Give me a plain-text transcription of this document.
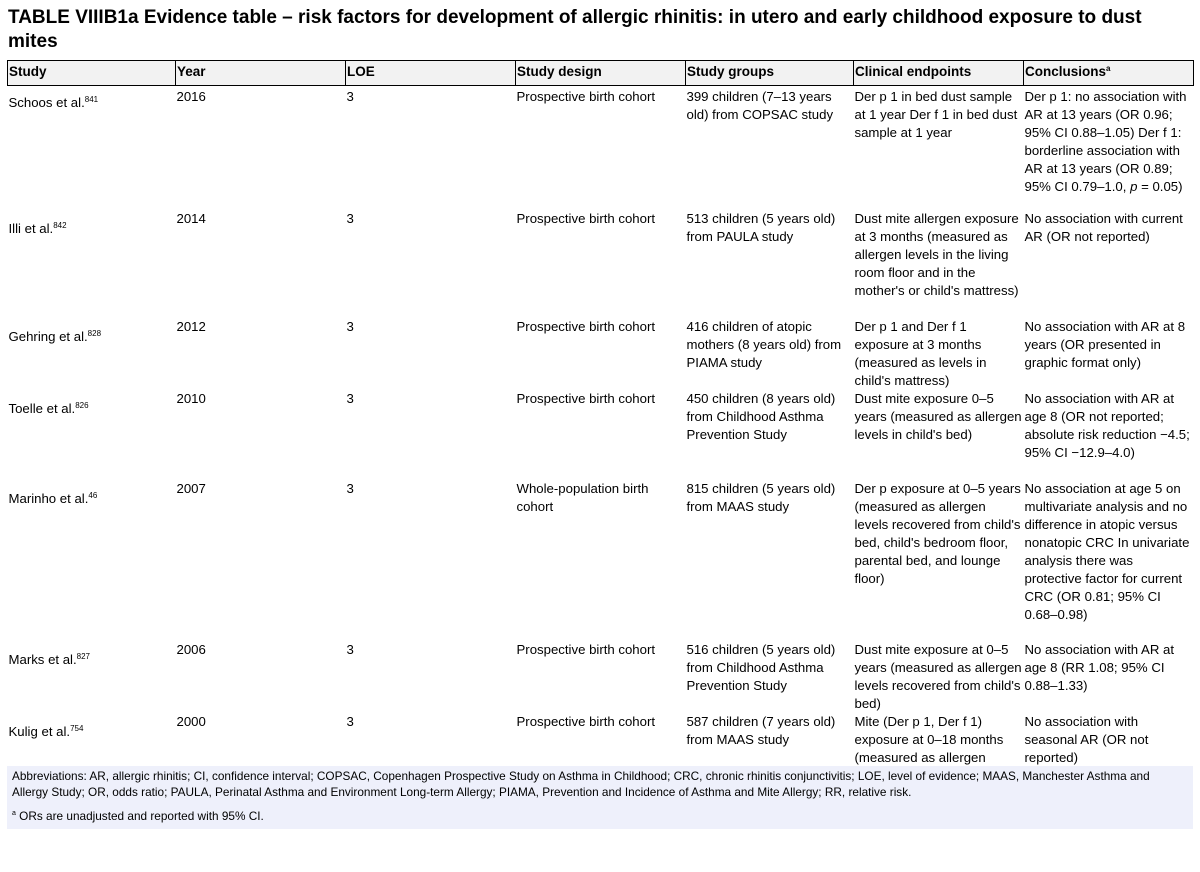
TABLE VIIIB1a Evidence table – risk factors for development of allergic rhinitis: in utero and early childhood exposure to dust mites
Study	Year	LOE	Study design	Study groups	Clinical endpoints	Conclusions$^a$
Schoos et al.$^{841}$	2016	3	Prospective birth cohort	399 children (7–13 years old) from COPSAC study	Der p 1 in bed dust sample at 1 year Der f 1 in bed dust sample at 1 year	Der p 1: no association with AR at 13 years (OR 0.96; 95% CI 0.88–1.05) Der f 1: borderline association with AR at 13 years (OR 0.89; 95% CI 0.79–1.0, p = 0.05)
Illi et al.$^{842}$	2014	3	Prospective birth cohort	513 children (5 years old) from PAULA study	Dust mite allergen exposure at 3 months (measured as allergen levels in the living room floor and in the mother's or child's mattress)	No association with current AR (OR not reported)
Gehring et al.$^{828}$	2012	3	Prospective birth cohort	416 children of atopic mothers (8 years old) from PIAMA study	Der p 1 and Der f 1 exposure at 3 months (measured as levels in child's mattress)	No association with AR at 8 years (OR presented in graphic format only)
Toelle et al.$^{826}$	2010	3	Prospective birth cohort	450 children (8 years old) from Childhood Asthma Prevention Study	Dust mite exposure 0–5 years (measured as allergen levels in child's bed)	No association with AR at age 8 (OR not reported; absolute risk reduction −4.5; 95% CI −12.9–4.0)
Marinho et al.$^{46}$	2007	3	Whole-population birth cohort	815 children (5 years old) from MAAS study	Der p exposure at 0–5 years (measured as allergen levels recovered from child's bed, child's bedroom floor, parental bed, and lounge floor)	No association at age 5 on multivariate analysis and no difference in atopic versus nonatopic CRC In univariate analysis there was protective factor for current CRC (OR 0.81; 95% CI 0.68–0.98)
Marks et al.$^{827}$	2006	3	Prospective birth cohort	516 children (5 years old) from Childhood Asthma Prevention Study	Dust mite exposure at 0–5 years (measured as allergen levels recovered from child's bed)	No association with AR at age 8 (RR 1.08; 95% CI 0.88–1.33)
Kulig et al.$^{754}$	2000	3	Prospective birth cohort	587 children (7 years old) from MAAS study	Mite (Der p 1, Der f 1) exposure at 0–18 months (measured as allergen	No association with seasonal AR (OR not reported)
Abbreviations: AR, allergic rhinitis; CI, confidence interval; COPSAC, Copenhagen Prospective Study on Asthma in Childhood; CRC, chronic rhinitis conjunctivitis; LOE, level of evidence; MAAS, Manchester Asthma and Allergy Study; OR, odds ratio; PAULA, Perinatal Asthma and Environment Long-term Allergy; PIAMA, Prevention and Incidence of Asthma and Mite Allergy; RR, relative risk.
$^a$ ORs are unadjusted and reported with 95% CI.
